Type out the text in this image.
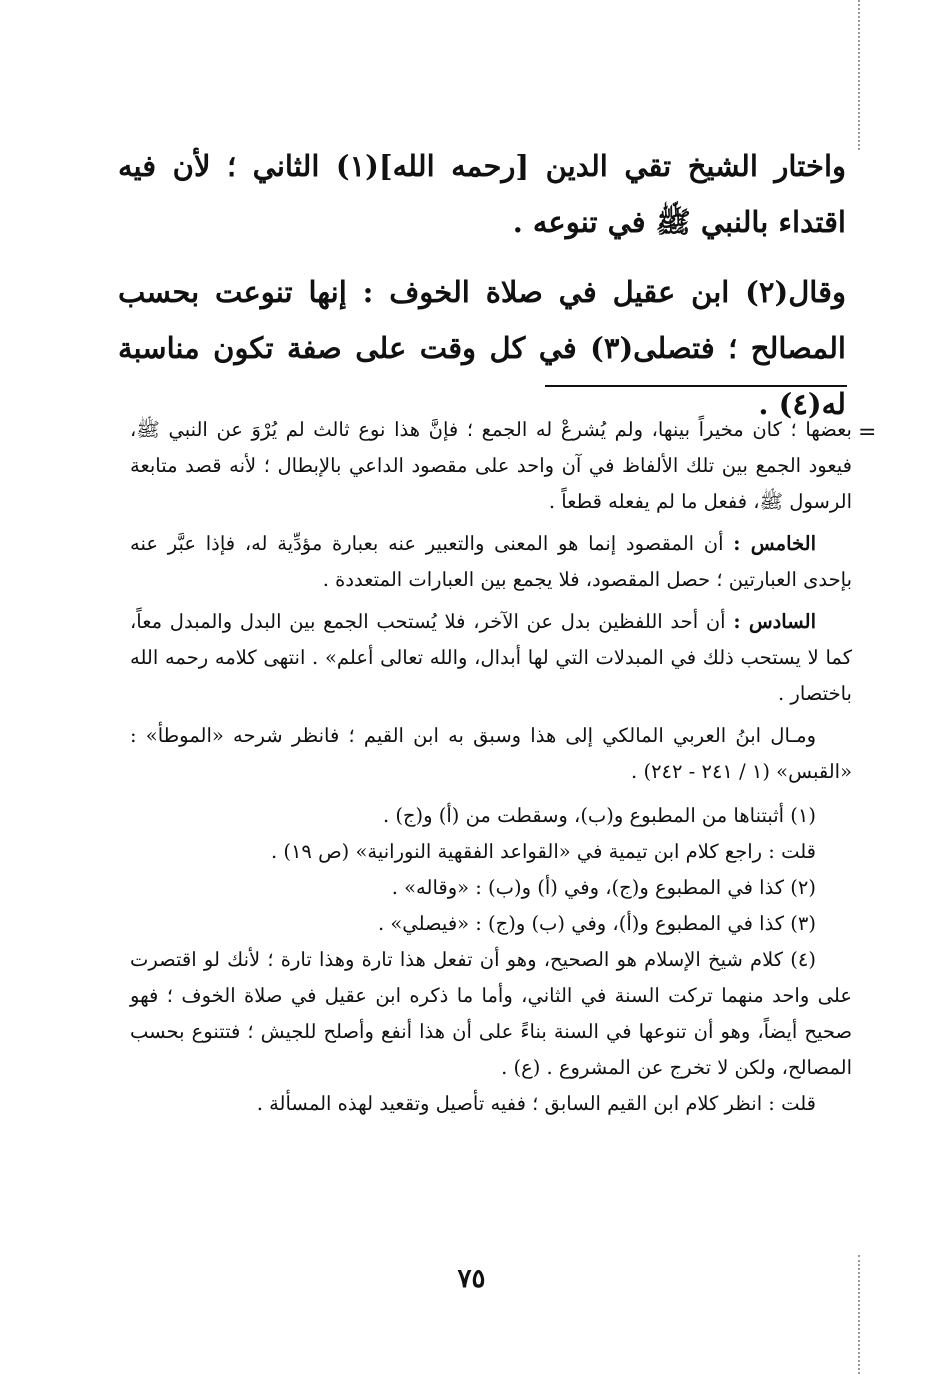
واختار الشيخ تقي الدين [رحمه الله](١) الثاني ؛ لأن فيه اقتداء بالنبي ﷺ في تنوعه .

وقال(٢) ابن عقيل في صلاة الخوف : إنها تنوعت بحسب المصالح ؛ فتصلى(٣) في كل وقت على صفة تكون مناسبة له(٤) .

=

بعضها ؛ كان مخيراً بينها، ولم يُشرعْ له الجمع ؛ فإنَّ هذا نوع ثالث لم يُرْوَ عن النبي ﷺ، فيعود الجمع بين تلك الألفاظ في آن واحد على مقصود الداعي بالإبطال ؛ لأنه قصد متابعة الرسول ﷺ، ففعل ما لم يفعله قطعاً .

الخامس : أن المقصود إنما هو المعنى والتعبير عنه بعبارة مؤدِّية له، فإذا عبَّر عنه بإحدى العبارتين ؛ حصل المقصود، فلا يجمع بين العبارات المتعددة .

السادس : أن أحد اللفظين بدل عن الآخر، فلا يُستحب الجمع بين البدل والمبدل معاً، كما لا يستحب ذلك في المبدلات التي لها أبدال، والله تعالى أعلم» . انتهى كلامه رحمه الله باختصار .

ومـال ابنُ العربي المالكي إلى هذا وسبق به ابن القيم ؛ فانظر شرحه «الموطأ» : «القبس» (١ / ٢٤١ - ٢٤٢) .

(١) أثبتناها من المطبوع و(ب)، وسقطت من (أ) و(ج) .

قلت : راجع كلام ابن تيمية في «القواعد الفقهية النورانية» (ص ١٩) .

(٢) كذا في المطبوع و(ج)، وفي (أ) و(ب) : «وقاله» .

(٣) كذا في المطبوع و(أ)، وفي (ب) و(ج) : «فيصلي» .

(٤) كلام شيخ الإسلام هو الصحيح، وهو أن تفعل هذا تارة وهذا تارة ؛ لأنك لو اقتصرت على واحد منهما تركت السنة في الثاني، وأما ما ذكره ابن عقيل في صلاة الخوف ؛ فهو صحيح أيضاً، وهو أن تنوعها في السنة بناءً على أن هذا أنفع وأصلح للجيش ؛ فتتنوع بحسب المصالح، ولكن لا تخرج عن المشروع . (ع) .

قلت : انظر كلام ابن القيم السابق ؛ ففيه تأصيل وتقعيد لهذه المسألة .

٧٥
